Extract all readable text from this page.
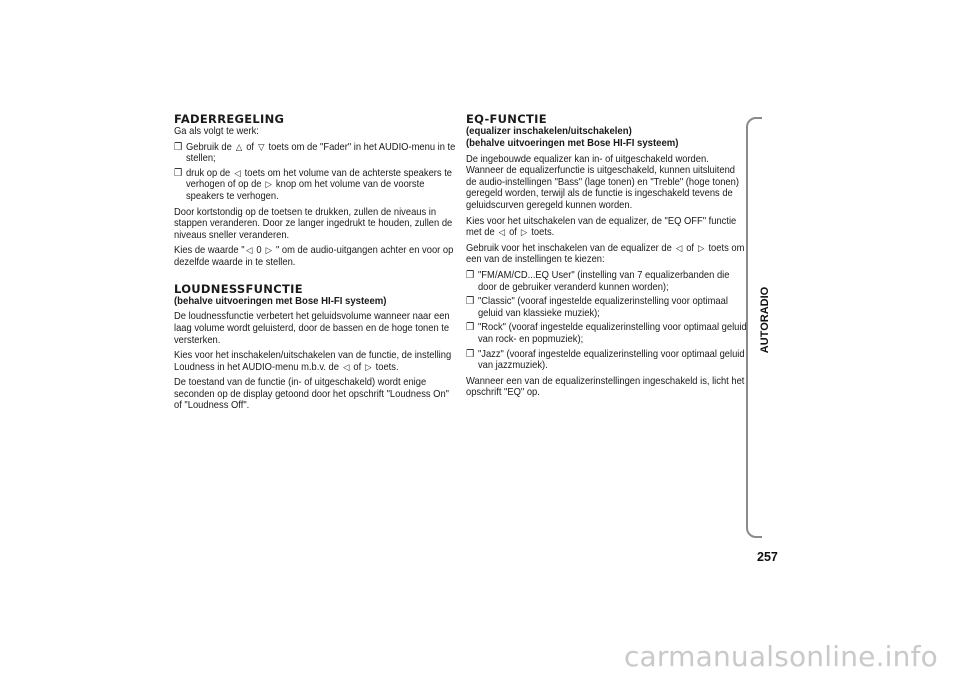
FADERREGELING

Ga als volgt te werk:

❒ Gebruik de △ of ▽ toets om de "Fader" in het AUDIO-menu in te stellen;
❒ druk op de ◁ toets om het volume van de achterste speakers te verhogen of op de ▷ knop om het volume van de voorste speakers te verhogen.

Door kortstondig op de toetsen te drukken, zullen de niveaus in stappen veranderen. Door ze langer ingedrukt te houden, zullen de niveaus sneller veranderen.

Kies de waarde "◁ 0 ▷ " om de audio-uitgangen achter en voor op dezelfde waarde in te stellen.

LOUDNESSFUNCTIE
(behalve uitvoeringen met Bose HI-FI systeem)

De loudnessfunctie verbetert het geluidsvolume wanneer naar een laag volume wordt geluisterd, door de bassen en de hoge tonen te versterken.

Kies voor het inschakelen/uitschakelen van de functie, de instelling Loudness in het AUDIO-menu m.b.v. de ◁ of ▷ toets.

De toestand van de functie (in- of uitgeschakeld) wordt enige seconden op de display getoond door het opschrift "Loudness On" of "Loudness Off".

EQ-FUNCTIE
(equalizer inschakelen/uitschakelen)
(behalve uitvoeringen met Bose HI-FI systeem)

De ingebouwde equalizer kan in- of uitgeschakeld worden. Wanneer de equalizerfunctie is uitgeschakeld, kunnen uitsluitend de audio-instellingen "Bass" (lage tonen) en "Treble" (hoge tonen) geregeld worden, terwijl als de functie is ingeschakeld tevens de geluidscurven geregeld kunnen worden.

Kies voor het uitschakelen van de equalizer, de "EQ OFF" functie met de ◁ of ▷ toets.

Gebruik voor het inschakelen van de equalizer de ◁ of ▷ toets om een van de instellingen te kiezen:

❒ "FM/AM/CD...EQ User" (instelling van 7 equalizerbanden die door de gebruiker veranderd kunnen worden);
❒ "Classic" (vooraf ingestelde equalizerinstelling voor optimaal geluid van klassieke muziek);
❒ "Rock" (vooraf ingestelde equalizerinstelling voor optimaal geluid van rock- en popmuziek);
❒ "Jazz" (vooraf ingestelde equalizerinstelling voor optimaal geluid van jazzmuziek).

Wanneer een van de equalizerinstellingen ingeschakeld is, licht het opschrift "EQ" op.

AUTORADIO
257
carmanualsonline.info
